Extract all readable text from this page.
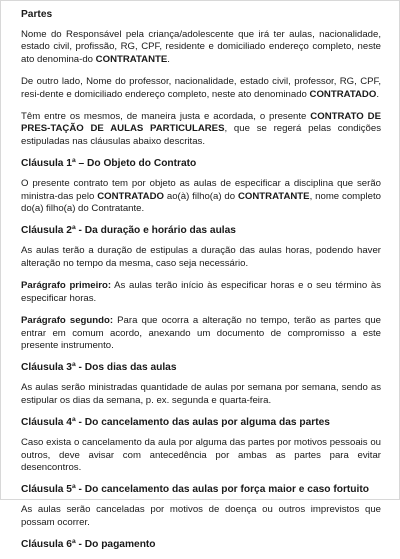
Partes
Nome do Responsável pela criança/adolescente que irá ter aulas, nacionalidade, estado civil, profissão, RG, CPF, residente e domiciliado endereço completo, neste ato denomina-do CONTRATANTE.
De outro lado, Nome do professor, nacionalidade, estado civil, professor, RG, CPF, resi-dente e domiciliado endereço completo, neste ato denominado CONTRATADO.
Têm entre os mesmos, de maneira justa e acordada, o presente CONTRATO DE PRES-TAÇÃO DE AULAS PARTICULARES, que se regerá pelas condições estipuladas nas cláusulas abaixo descritas.
Cláusula 1ª – Do Objeto do Contrato
O presente contrato tem por objeto as aulas de especificar a disciplina que serão ministra-das pelo CONTRATADO ao(à) filho(a) do CONTRATANTE, nome completo do(a) filho(a) do Contratante.
Cláusula 2ª - Da duração e horário das aulas
As aulas terão a duração de estipulas a duração das aulas horas, podendo haver alteração no tempo da mesma, caso seja necessário.
Parágrafo primeiro: As aulas terão início às especificar horas e o seu término às especificar horas.
Parágrafo segundo: Para que ocorra a alteração no tempo, terão as partes que entrar em comum acordo, anexando um documento de compromisso a este presente instrumento.
Cláusula 3ª - Dos dias das aulas
As aulas serão ministradas quantidade de aulas por semana por semana, sendo as estipular os dias da semana, p. ex. segunda e quarta-feira.
Cláusula 4ª - Do cancelamento das aulas por alguma das partes
Caso exista o cancelamento da aula por alguma das partes por motivos pessoais ou outros, deve avisar com antecedência por ambas as partes para evitar desencontros.
Cláusula 5ª - Do cancelamento das aulas por força maior e caso fortuito
As aulas serão canceladas por motivos de doença ou outros imprevistos que possam ocorrer.
Cláusula 6ª - Do pagamento
